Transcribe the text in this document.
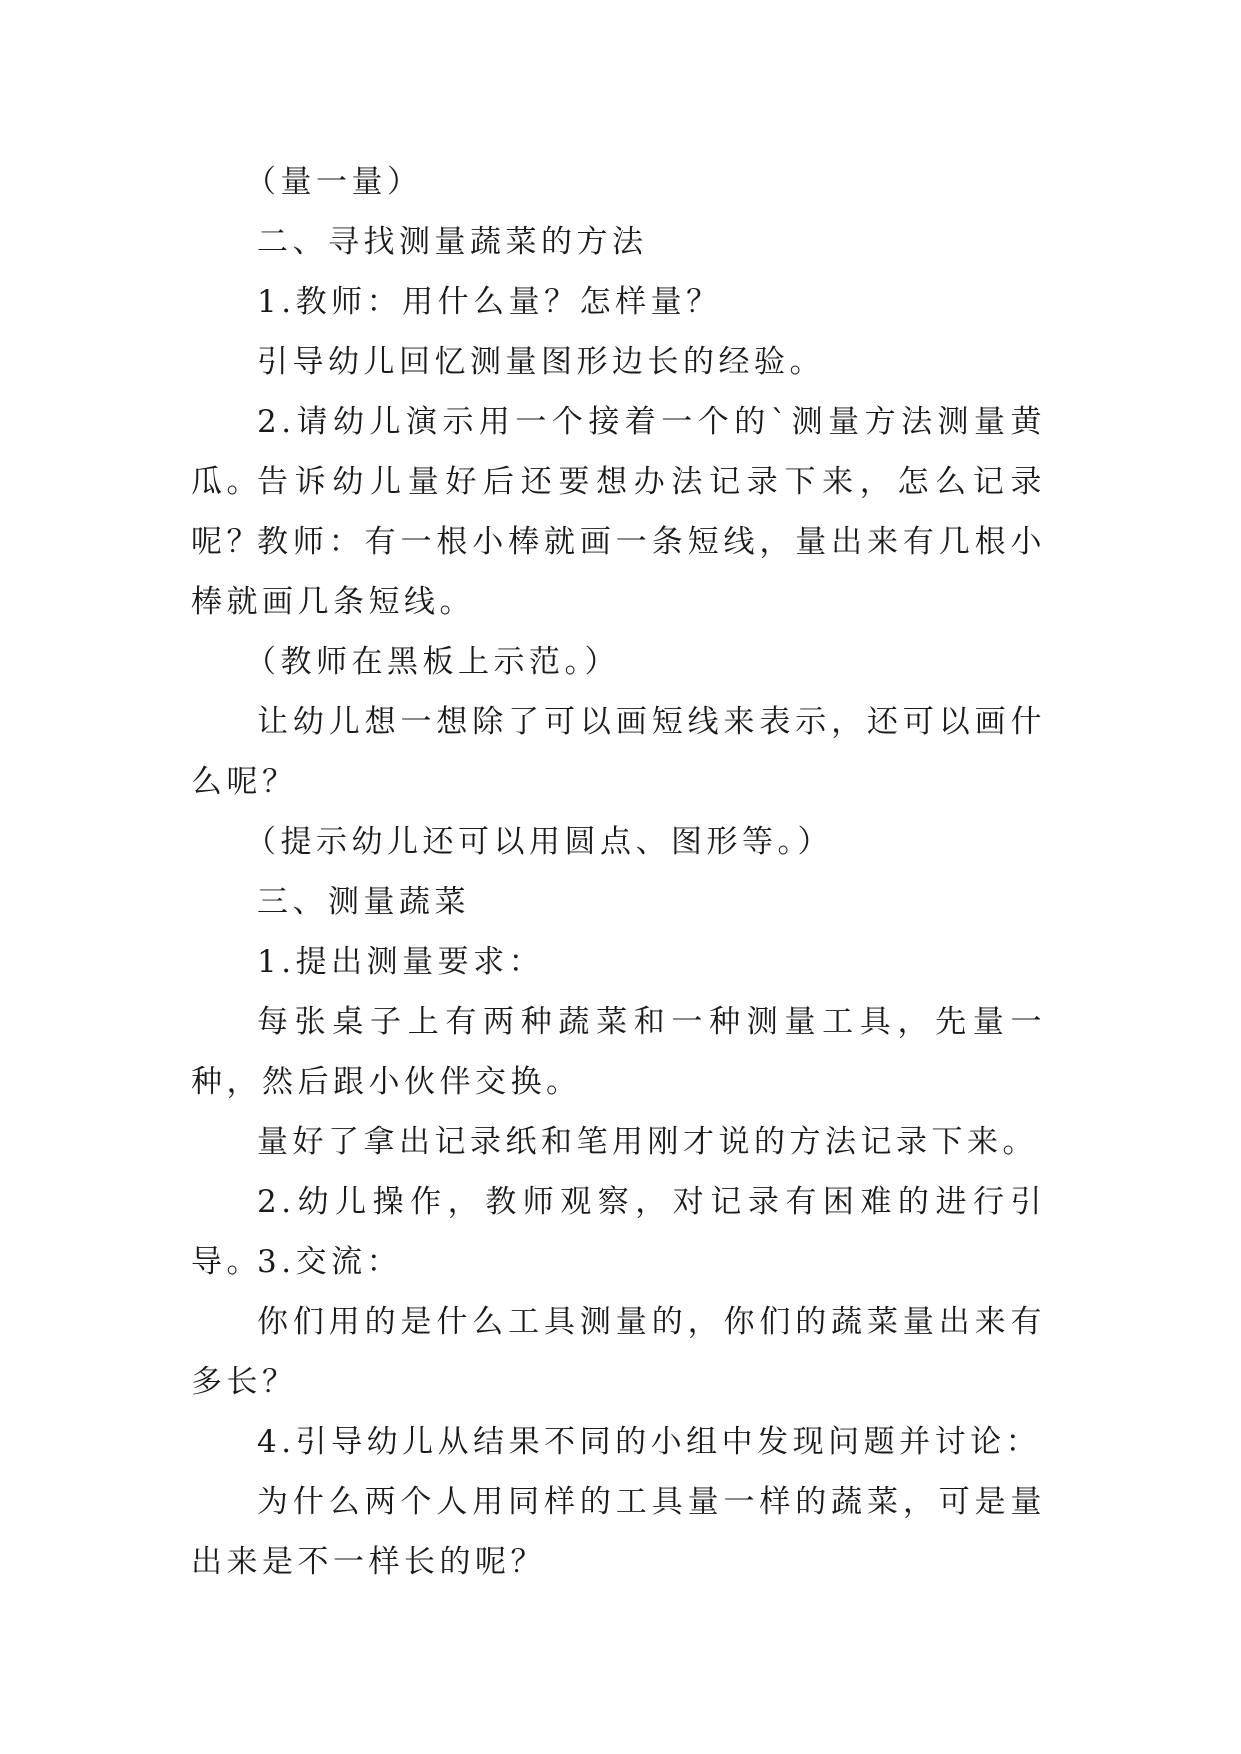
（量一量）

二、寻找测量蔬菜的方法

1.教师：用什么量？怎样量？

引导幼儿回忆测量图形边长的经验。

2.请幼儿演示用一个接着一个的`测量方法测量黄瓜。

告诉幼儿量好后还要想办法记录下来，怎么记录呢？

教师：有一根小棒就画一条短线，量出来有几根小棒就画几条短线。

（教师在黑板上示范。）

让幼儿想一想除了可以画短线来表示，还可以画什么呢？

（提示幼儿还可以用圆点、图形等。）

三、测量蔬菜

1.提出测量要求：

每张桌子上有两种蔬菜和一种测量工具，先量一种，然后跟小伙伴交换。

量好了拿出记录纸和笔用刚才说的方法记录下来。

2.幼儿操作，教师观察，对记录有困难的进行引导。

3.交流：

你们用的是什么工具测量的，你们的蔬菜量出来有多长？

4.引导幼儿从结果不同的小组中发现问题并讨论：

为什么两个人用同样的工具量一样的蔬菜，可是量出来是不一样长的呢？
